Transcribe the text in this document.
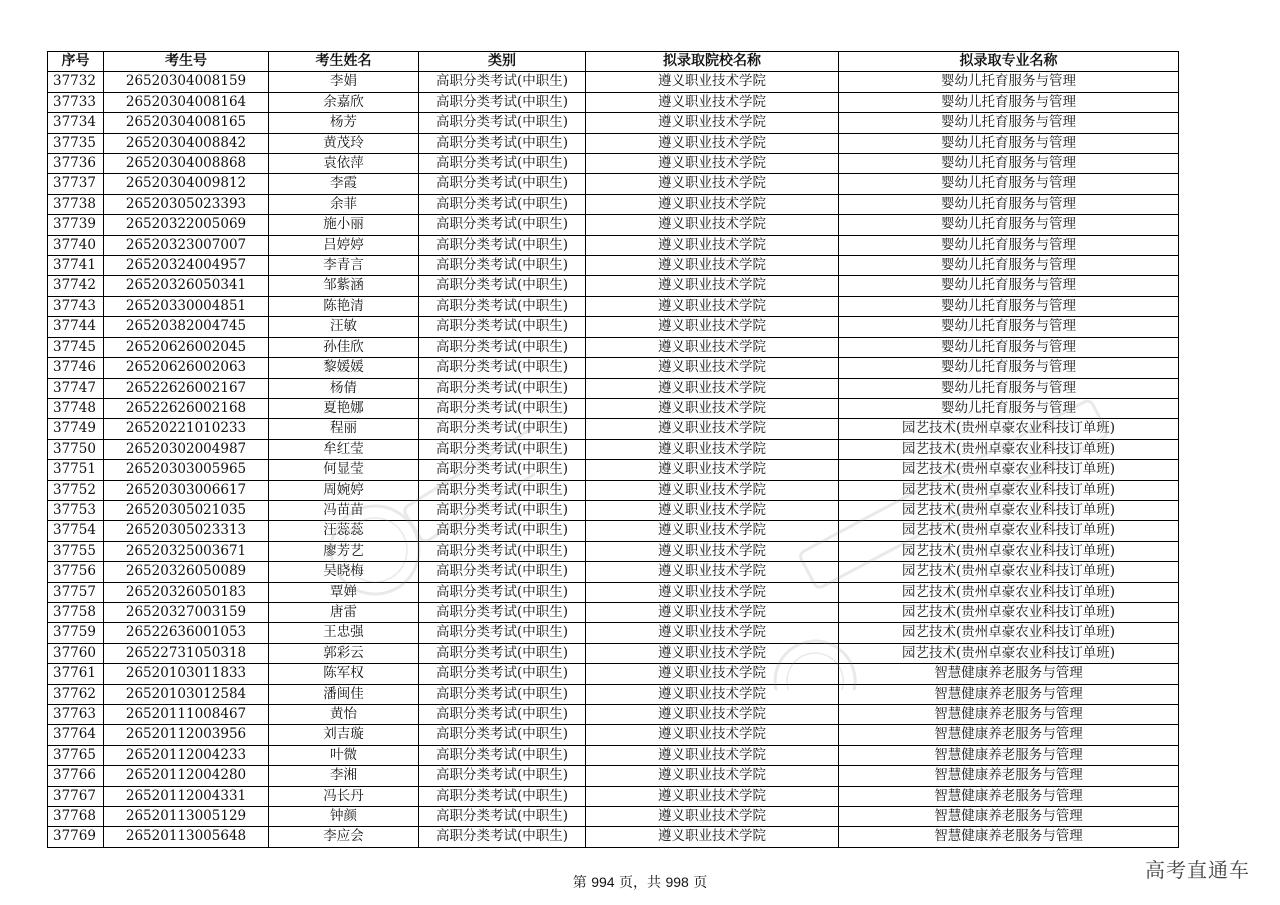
序号	考生号	考生姓名	类别	拟录取院校名称	拟录取专业名称
37732	26520304008159	李娟	高职分类考试(中职生)	遵义职业技术学院	婴幼儿托育服务与管理
37733	26520304008164	余嘉欣	高职分类考试(中职生)	遵义职业技术学院	婴幼儿托育服务与管理
37734	26520304008165	杨芳	高职分类考试(中职生)	遵义职业技术学院	婴幼儿托育服务与管理
37735	26520304008842	黄茂玲	高职分类考试(中职生)	遵义职业技术学院	婴幼儿托育服务与管理
37736	26520304008868	袁依萍	高职分类考试(中职生)	遵义职业技术学院	婴幼儿托育服务与管理
37737	26520304009812	李霞	高职分类考试(中职生)	遵义职业技术学院	婴幼儿托育服务与管理
37738	26520305023393	余菲	高职分类考试(中职生)	遵义职业技术学院	婴幼儿托育服务与管理
37739	26520322005069	施小丽	高职分类考试(中职生)	遵义职业技术学院	婴幼儿托育服务与管理
37740	26520323007007	吕婷婷	高职分类考试(中职生)	遵义职业技术学院	婴幼儿托育服务与管理
37741	26520324004957	李青言	高职分类考试(中职生)	遵义职业技术学院	婴幼儿托育服务与管理
37742	26520326050341	邹紫涵	高职分类考试(中职生)	遵义职业技术学院	婴幼儿托育服务与管理
37743	26520330004851	陈艳清	高职分类考试(中职生)	遵义职业技术学院	婴幼儿托育服务与管理
37744	26520382004745	汪敏	高职分类考试(中职生)	遵义职业技术学院	婴幼儿托育服务与管理
37745	26520626002045	孙佳欣	高职分类考试(中职生)	遵义职业技术学院	婴幼儿托育服务与管理
37746	26520626002063	黎媛媛	高职分类考试(中职生)	遵义职业技术学院	婴幼儿托育服务与管理
37747	26522626002167	杨倩	高职分类考试(中职生)	遵义职业技术学院	婴幼儿托育服务与管理
37748	26522626002168	夏艳娜	高职分类考试(中职生)	遵义职业技术学院	婴幼儿托育服务与管理
37749	26520221010233	程丽	高职分类考试(中职生)	遵义职业技术学院	园艺技术(贵州卓豪农业科技订单班)
37750	26520302004987	牟红莹	高职分类考试(中职生)	遵义职业技术学院	园艺技术(贵州卓豪农业科技订单班)
37751	26520303005965	何显莹	高职分类考试(中职生)	遵义职业技术学院	园艺技术(贵州卓豪农业科技订单班)
37752	26520303006617	周婉婷	高职分类考试(中职生)	遵义职业技术学院	园艺技术(贵州卓豪农业科技订单班)
37753	26520305021035	冯苗苗	高职分类考试(中职生)	遵义职业技术学院	园艺技术(贵州卓豪农业科技订单班)
37754	26520305023313	汪蕊蕊	高职分类考试(中职生)	遵义职业技术学院	园艺技术(贵州卓豪农业科技订单班)
37755	26520325003671	廖芳艺	高职分类考试(中职生)	遵义职业技术学院	园艺技术(贵州卓豪农业科技订单班)
37756	26520326050089	吴晓梅	高职分类考试(中职生)	遵义职业技术学院	园艺技术(贵州卓豪农业科技订单班)
37757	26520326050183	覃婵	高职分类考试(中职生)	遵义职业技术学院	园艺技术(贵州卓豪农业科技订单班)
37758	26520327003159	唐雷	高职分类考试(中职生)	遵义职业技术学院	园艺技术(贵州卓豪农业科技订单班)
37759	26522636001053	王忠强	高职分类考试(中职生)	遵义职业技术学院	园艺技术(贵州卓豪农业科技订单班)
37760	26522731050318	郭彩云	高职分类考试(中职生)	遵义职业技术学院	园艺技术(贵州卓豪农业科技订单班)
37761	26520103011833	陈军权	高职分类考试(中职生)	遵义职业技术学院	智慧健康养老服务与管理
37762	26520103012584	潘闽佳	高职分类考试(中职生)	遵义职业技术学院	智慧健康养老服务与管理
37763	26520111008467	黄怡	高职分类考试(中职生)	遵义职业技术学院	智慧健康养老服务与管理
37764	26520112003956	刘吉璇	高职分类考试(中职生)	遵义职业技术学院	智慧健康养老服务与管理
37765	26520112004233	叶微	高职分类考试(中职生)	遵义职业技术学院	智慧健康养老服务与管理
37766	26520112004280	李湘	高职分类考试(中职生)	遵义职业技术学院	智慧健康养老服务与管理
37767	26520112004331	冯长丹	高职分类考试(中职生)	遵义职业技术学院	智慧健康养老服务与管理
37768	26520113005129	钟颜	高职分类考试(中职生)	遵义职业技术学院	智慧健康养老服务与管理
37769	26520113005648	李应会	高职分类考试(中职生)	遵义职业技术学院	智慧健康养老服务与管理
第 994 页，共 998 页
高考直通车
